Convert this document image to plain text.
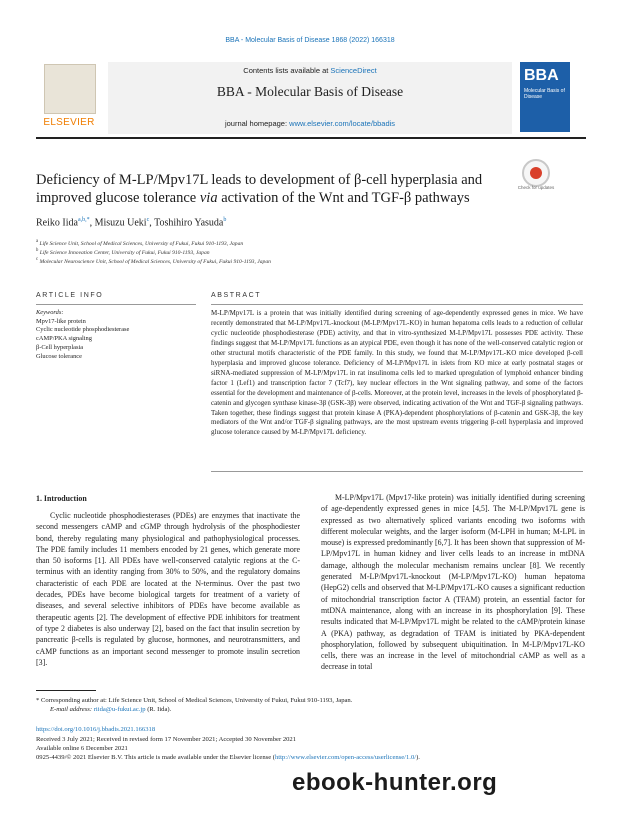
BBA - Molecular Basis of Disease 1868 (2022) 166318
ELSEVIER
Contents lists available at ScienceDirect
BBA - Molecular Basis of Disease
journal homepage: www.elsevier.com/locate/bbadis
BBA
Molecular Basis of Disease
Deficiency of M-LP/Mpv17L leads to development of β-cell hyperplasia and
improved glucose tolerance via activation of the Wnt and TGF-β pathways
Check for updates
Reiko Iida$^{a,b,*}$, Misuzu Ueki$^c$, Toshihiro Yasuda$^b$
$^a$ Life Science Unit, School of Medical Sciences, University of Fukui, Fukui 910-1193, Japan
$^b$ Life Science Innovation Center, University of Fukui, Fukui 910-1193, Japan
$^c$ Molecular Neuroscience Unit, School of Medical Sciences, University of Fukui, Fukui 910-1193, Japan
ARTICLE INFO	ABSTRACT
Keywords:
Mpv17-like protein
Cyclic nucleotide phosphodiesterase
cAMP/PKA signaling
β-Cell hyperplasia
Glucose tolerance
M-LP/Mpv17L is a protein that was initially identified during screening of age-dependently expressed genes in mice. We have recently demonstrated that M-LP/Mpv17L-knockout (M-LP/Mpv17L-KO) in human hepatoma cells leads to a reduction of cellular cyclic nucleotide phosphodiesterase (PDE) activity, and that in vitro-synthesized M-LP/Mpv17L possesses PDE activity. These findings suggest that M-LP/Mpv17L functions as an atypical PDE, even though it has none of the well-conserved catalytic region or other structural motifs characteristic of the PDE family. In this study, we found that M-LP/Mpv17L-KO mice developed β-cell hyperplasia and improved glucose tolerance. Deficiency of M-LP/Mpv17L in islets from KO mice at early postnatal stages or siRNA-mediated suppression of M-LP/Mpv17L in rat insulinoma cells led to marked upregulation of lymphoid enhancer binding factor 1 (Lef1) and transcription factor 7 (Tcf7), key nuclear effectors in the Wnt signaling pathway, and some of the factors essential for the development and maintenance of β-cells. Moreover, at the protein level, increases in the levels of phosphorylated β-catenin and glycogen synthase kinase-3β (GSK-3β) were observed, indicating activation of the Wnt and TGF-β signaling pathways. Taken together, these findings suggest that protein kinase A (PKA)-dependent phosphorylations of β-catenin and GSK-3β, the key mediators of the Wnt and/or TGF-β signaling pathways, are the most upstream events triggering β-cell hyperplasia and improved glucose tolerance caused by M-LP/Mpv17L deficiency.
1. Introduction

Cyclic nucleotide phosphodiesterases (PDEs) are enzymes that inactivate the second messengers cAMP and cGMP through hydrolysis of the phosphodiester bond, thereby regulating many physiological and pathophysiological processes. The PDE family includes 11 members encoded by 21 genes, which generate more than 50 isoforms [1]. All PDEs have well-conserved catalytic regions at the C-terminus with an identity ranging from 30% to 50%, and the regulatory domains characteristic of each PDE are located at the N-terminus. Over the past two decades, PDEs have become biological targets for treatment of a variety of diseases, and several selective inhibitors of PDEs have become available as therapeutic agents [2]. The development of effective PDE inhibitors for treatment of type 2 diabetes is also underway [2], based on the fact that insulin secretion by pancreatic β-cells is regulated by glucose, hormones, and neurotransmitters, and cAMP functions as an important second messenger to promote insulin secretion [3].

M-LP/Mpv17L (Mpv17-like protein) was initially identified during screening of age-dependently expressed genes in mice [4,5]. The M-LP/Mpv17L gene is expressed as two alternatively spliced variants encoding two isoforms with different molecular weights, and the larger isoform (M-LPH in human; M-LPL in mouse) is expressed predominantly [6,7]. It has been shown that suppression of M-LP/Mpv17L in human kidney and liver cells leads to an increase in mtDNA damage, although the molecular mechanism remains unclear [8]. We recently generated M-LP/Mpv17L-knockout (M-LP/Mpv17L-KO) human hepatoma (HepG2) cells and observed that M-LP/Mpv17L-KO causes a significant reduction of mitochondrial transcription factor A (TFAM) protein, an essential factor for mtDNA maintenance, along with an increase in its phosphorylation [9]. These results indicated that M-LP/Mpv17L might be related to the cAMP/protein kinase A (PKA) pathway, as degradation of TFAM is initiated by PKA-dependent phosphorylation, followed by subsequent ubiquitination. In M-LP/Mpv17L-KO cells, there was an increase in the level of mitochondrial cAMP as well as a decrease in total

* Corresponding author at: Life Science Unit, School of Medical Sciences, University of Fukui, Fukui 910-1193, Japan.
E-mail address: riida@u-fukui.ac.jp (R. Iida).
https://doi.org/10.1016/j.bbadis.2021.166318
Received 3 July 2021; Received in revised form 17 November 2021; Accepted 30 November 2021
Available online 6 December 2021
0925-4439/© 2021 Elsevier B.V. This article is made available under the Elsevier license (http://www.elsevier.com/open-access/userlicense/1.0/).
ebook-hunter.org
